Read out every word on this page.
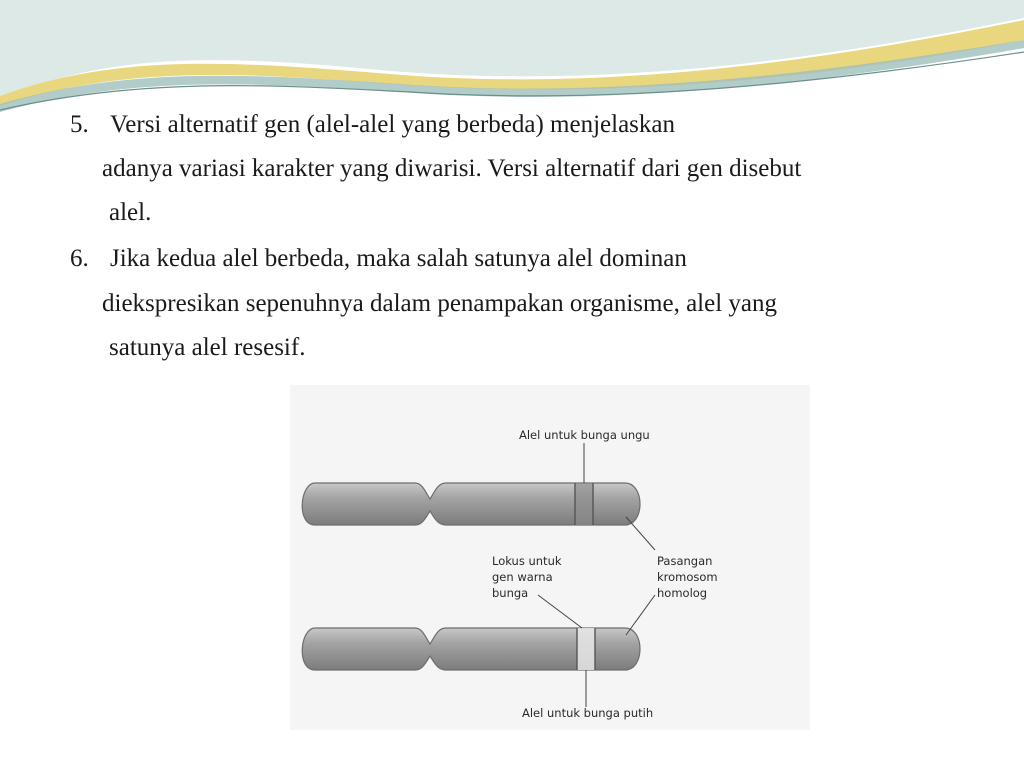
5. Versi alternatif gen (alel-alel yang berbeda) menjelaskan
adanya variasi karakter yang diwarisi. Versi alternatif dari gen disebut
alel.
6. Jika kedua alel berbeda, maka salah satunya alel dominan
diekspresikan sepenuhnya dalam penampakan organisme, alel yang
satunya alel resesif.
Alel untuk bunga ungu
Lokus untuk
gen warna
bunga
Pasangan
kromosom
homolog
Alel untuk bunga putih
